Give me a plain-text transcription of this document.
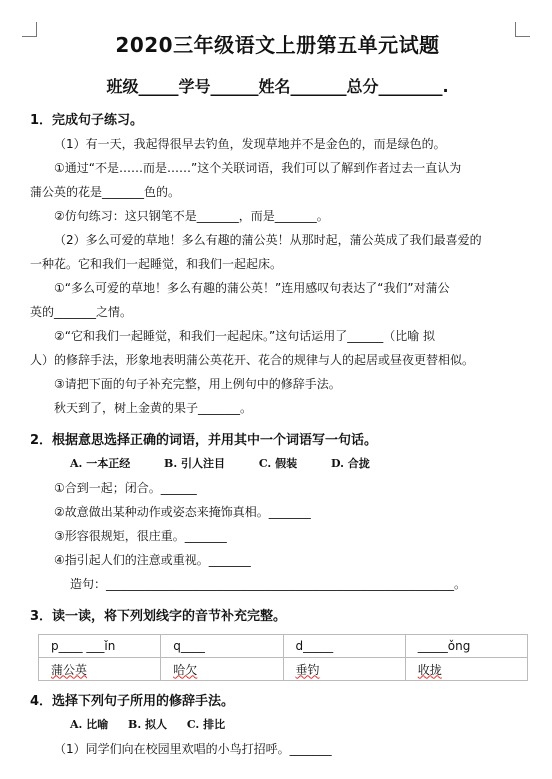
2020三年级语文上册第五单元试题
班级_____学号______姓名_______总分________.
1．完成句子练习。
（1）有一天，我起得很早去钓鱼，发现草地并不是金色的，而是绿色的。
①通过“不是……而是……”这个关联词语，我们可以了解到作者过去一直认为
蒲公英的花是_______色的。
②仿句练习：这只钢笔不是_______，而是_______。
（2）多么可爱的草地！多么有趣的蒲公英！从那时起，蒲公英成了我们最喜爱的
一种花。它和我们一起睡觉，和我们一起起床。
①“多么可爱的草地！多么有趣的蒲公英！”连用感叹句表达了“我们”对蒲公
英的_______之情。
②“它和我们一起睡觉，和我们一起起床。”这句话运用了______（比喻 拟
人）的修辞手法，形象地表明蒲公英花开、花合的规律与人的起居或昼夜更替相似。
③请把下面的句子补充完整，用上例句中的修辞手法。
秋天到了，树上金黄的果子_______。
2．根据意思选择正确的词语，并用其中一个词语写一句话。
A. 一本正经	B. 引人注目	C. 假装	D. 合拢
①合到一起；闭合。______
②故意做出某种动作或姿态来掩饰真相。_______
③形容很规矩，很庄重。_______
④指引起人们的注意或重视。_______
造句：__________________________________________________________。
3．读一读，将下列划线字的音节补充完整。
p____ ___ǐn	q____	d_____	_____ǒng
蒲公英	哈欠	垂钓	收拢
4．选择下列句子所用的修辞手法。
A. 比喻 B. 拟人 C. 排比
（1）同学们向在校园里欢唱的小鸟打招呼。_______
